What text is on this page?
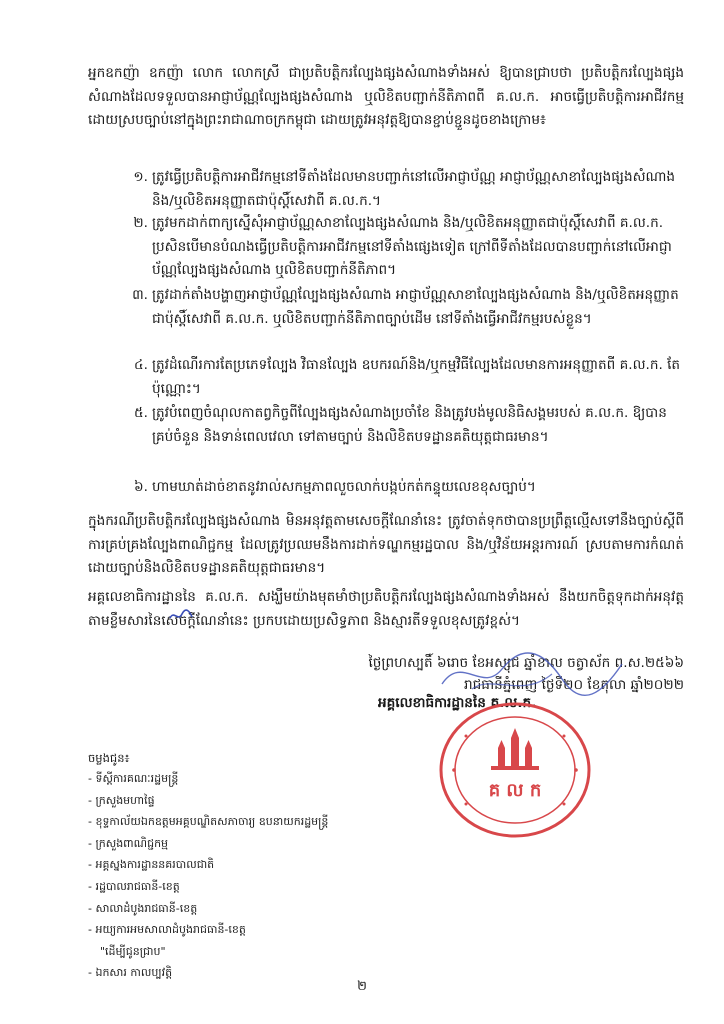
អ្នកឧកញ៉ា ឧកញ៉ា លោក លោកស្រី ជាប្រតិបត្តិករល្បែងផ្សងសំណាងទាំងអស់ ឱ្យបានជ្រាបថា ប្រតិបត្តិករល្បែងផ្សងសំណាងដែលទទួលបានអាជ្ញាប័ណ្ណល្បែងផ្សងសំណាង ឬលិខិតបញ្ជាក់នីតិភាពពី គ.ល.ក. អាចធ្វើប្រតិបត្តិការអាជីវកម្មដោយស្របច្បាប់នៅក្នុងព្រះរាជាណាចក្រកម្ពុជា ដោយត្រូវអនុវត្តឱ្យបានខ្ជាប់ខ្ជួនដូចខាងក្រោម៖

១. ត្រូវធ្វើប្រតិបត្តិការអាជីវកម្មនៅទីតាំងដែលមានបញ្ជាក់នៅលើអាជ្ញាប័ណ្ណ អាជ្ញាប័ណ្ណសាខាល្បែងផ្សងសំណាង និង/ឬលិខិតអនុញ្ញាតជាប៉ុស្តិ៍សេវាពី គ.ល.ក.។
២. ត្រូវមកដាក់ពាក្យស្នើសុំអាជ្ញាប័ណ្ណសាខាល្បែងផ្សងសំណាង និង/ឬលិខិតអនុញ្ញាតជាប៉ុស្តិ៍សេវាពី គ.ល.ក. ប្រសិនបើមានបំណងធ្វើប្រតិបត្តិការអាជីវកម្មនៅទីតាំងផ្សេងទៀត ក្រៅពីទីតាំងដែលបានបញ្ជាក់នៅលើអាជ្ញាប័ណ្ណល្បែងផ្សងសំណាង ឬលិខិតបញ្ជាក់នីតិភាព។
៣. ត្រូវដាក់តាំងបង្ហាញអាជ្ញាប័ណ្ណល្បែងផ្សងសំណាង អាជ្ញាប័ណ្ណសាខាល្បែងផ្សងសំណាង និង/ឬលិខិតអនុញ្ញាតជាប៉ុស្តិ៍សេវាពី គ.ល.ក. ឬលិខិតបញ្ជាក់នីតិភាពច្បាប់ដើម នៅទីតាំងធ្វើអាជីវកម្មរបស់ខ្លួន។
៤. ត្រូវដំណើរការតែប្រភេទល្បែង វិធានល្បែង ឧបករណ៍និង/ឬកម្មវិធីល្បែងដែលមានការអនុញ្ញាតពី គ.ល.ក. តែប៉ុណ្ណោះ។
៥. ត្រូវបំពេញចំណុលកាតព្វកិច្ចពីល្បែងផ្សងសំណាងប្រចាំខែ និងត្រូវបង់មូលនិធិសង្គមរបស់ គ.ល.ក. ឱ្យបានគ្រប់ចំនួន និងទាន់ពេលវេលា ទៅតាមច្បាប់ និងលិខិតបទដ្ឋានគតិយុត្តជាធរមាន។
៦. ហាមឃាត់ដាច់ខាតនូវរាល់សកម្មភាពលួចលាក់បង្កប់កត់កន្ទុយលេខខុសច្បាប់។

ក្នុងករណីប្រតិបត្តិករល្បែងផ្សងសំណាង មិនអនុវត្តតាមសេចក្តីណែនាំនេះ ត្រូវចាត់ទុកថាបានប្រព្រឹត្តល្មើសទៅនឹងច្បាប់ស្តីពីការគ្រប់គ្រងល្បែងពាណិជ្ជកម្ម ដែលត្រូវប្រឈមនឹងការដាក់ទណ្ឌកម្មរដ្ឋបាល និង/ឬវិន័យអន្តរការណ៍ ស្របតាមការកំណត់ដោយច្បាប់និងលិខិតបទដ្ឋានគតិយុត្តជាធរមាន។

អគ្គលេខាធិការដ្ឋាននៃ គ.ល.ក. សង្ឃឹមយ៉ាងមុតមាំថាប្រតិបត្តិករល្បែងផ្សងសំណាងទាំងអស់ នឹងយកចិត្តទុកដាក់អនុវត្តតាមខ្លឹមសារនៃសេចក្តីណែនាំនេះ ប្រកបដោយប្រសិទ្ធភាព និងស្មារតីទទួលខុសត្រូវខ្ពស់។

ថ្ងៃព្រហស្បតិ៍ ៦រោច ខែអស្សុជ ឆ្នាំខាល ចត្វាស័ក ព.ស.២៥៦៦
រាជធានីភ្នំពេញ ថ្ងៃទី២០ ខែតុលា ឆ្នាំ២០២២
អគ្គលេខាធិការដ្ឋាននៃ គ.ល.ក.
គ ល ក
ចម្លងជូន៖
- ទីស្តីការគណៈរដ្ឋមន្ត្រី
- ក្រសួងមហាផ្ទៃ
- ខុទ្ទកាល័យឯកឧត្តមអគ្គបណ្ឌិតសភាចារ្យ ឧបនាយករដ្ឋមន្ត្រី
- ក្រសួងពាណិជ្ជកម្ម
- អគ្គស្នងការដ្ឋាននគរបាលជាតិ
- រដ្ឋបាលរាជធានី-ខេត្ត
- សាលាដំបូងរាជធានី-ខេត្ត
- អយ្យការអមសាលាដំបូងរាជធានី-ខេត្ត
"ដើម្បីជូនជ្រាប"
- ឯកសារ កាលប្បវត្តិ
២
